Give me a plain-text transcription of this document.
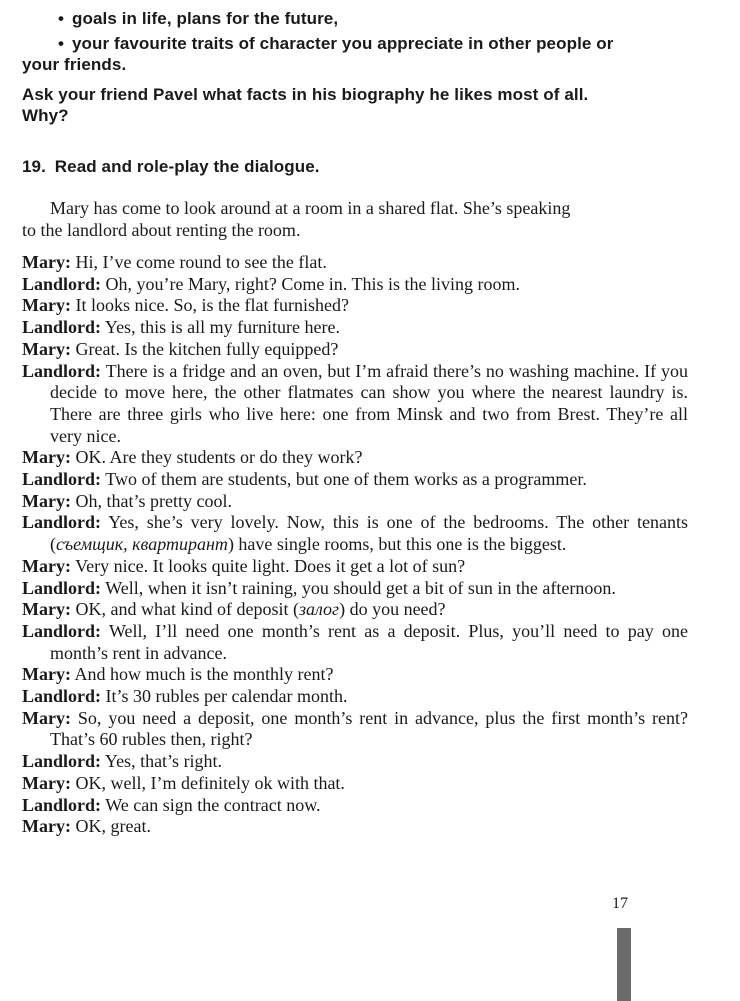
• goals in life, plans for the future,
• your favourite traits of character you appreciate in other people or
your friends.
Ask your friend Pavel what facts in his biography he likes most of all.
Why?
19. Read and role-play the dialogue.

Mary has come to look around at a room in a shared flat. She’s speaking

to the landlord about renting the room.

Mary: Hi, I’ve come round to see the flat.
Landlord: Oh, you’re Mary, right? Come in. This is the living room.
Mary: It looks nice. So, is the flat furnished?
Landlord: Yes, this is all my furniture here.
Mary: Great. Is the kitchen fully equipped?
Landlord: There is a fridge and an oven, but I’m afraid there’s no washing machine. If you decide to move here, the other flatmates can show you where the nearest laundry is. There are three girls who live here: one from Minsk and two from Brest. They’re all very nice.
Mary: OK. Are they students or do they work?
Landlord: Two of them are students, but one of them works as a programmer.
Mary: Oh, that’s pretty cool.
Landlord: Yes, she’s very lovely. Now, this is one of the bedrooms. The other tenants (съемщик, квартирант) have single rooms, but this one is the biggest.
Mary: Very nice. It looks quite light. Does it get a lot of sun?
Landlord: Well, when it isn’t raining, you should get a bit of sun in the afternoon.
Mary: OK, and what kind of deposit (залог) do you need?
Landlord: Well, I’ll need one month’s rent as a deposit. Plus, you’ll need to pay one month’s rent in advance.
Mary: And how much is the monthly rent?
Landlord: It’s 30 rubles per calendar month.
Mary: So, you need a deposit, one month’s rent in advance, plus the first month’s rent? That’s 60 rubles then, right?
Landlord: Yes, that’s right.
Mary: OK, well, I’m definitely ok with that.
Landlord: We can sign the contract now.
Mary: OK, great.
17
